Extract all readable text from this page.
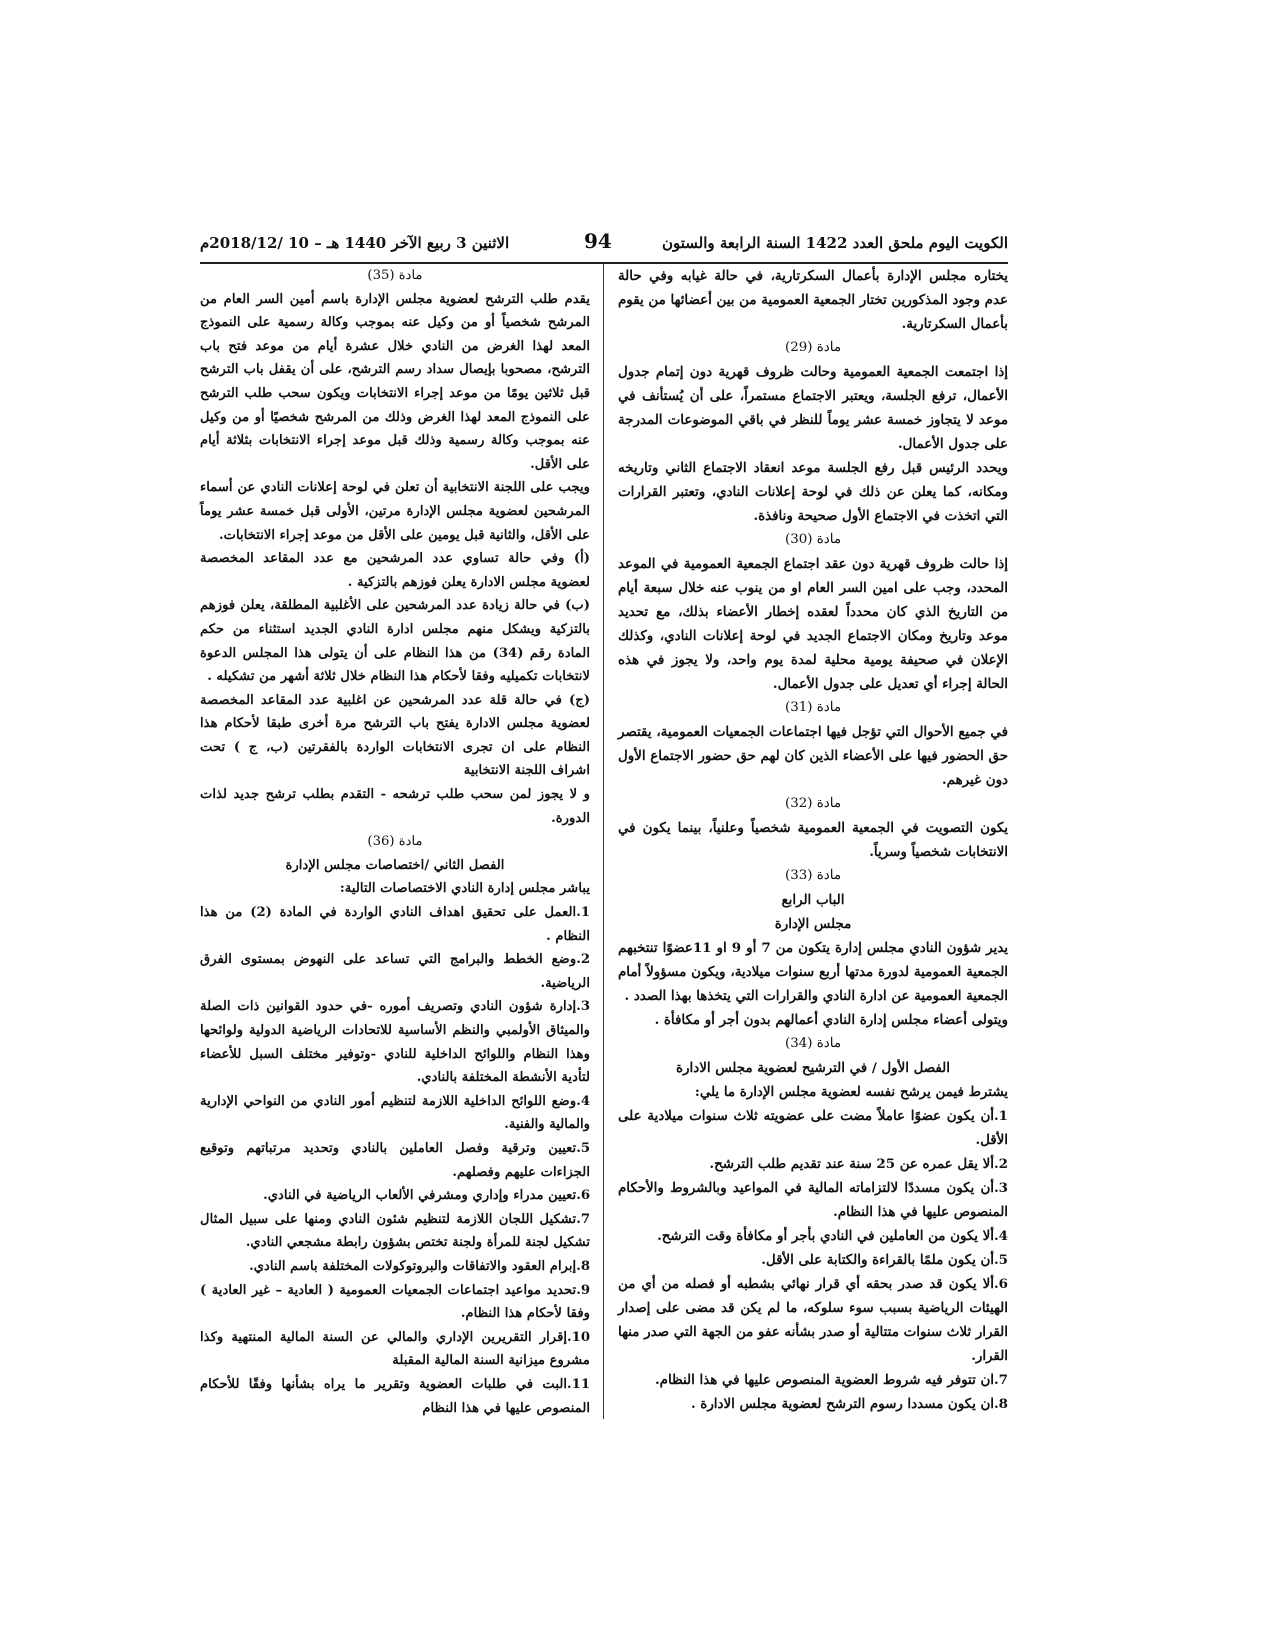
الكويت اليوم ملحق العدد 1422 السنة الرابعة والستون
94
الاثنين 3 ربيع الآخر 1440 هـ – 10 /2018/12م

يختاره مجلس الإدارة بأعمال السكرتارية، في حالة غيابه وفي حالة عدم وجود المذكورين تختار الجمعية العمومية من بين أعضائها من يقوم بأعمال السكرتارية.

مادة (29)

إذا اجتمعت الجمعية العمومية وحالت ظروف قهرية دون إتمام جدول الأعمال، ترفع الجلسة، ويعتبر الاجتماع مستمراً، على أن يُستأنف في موعد لا يتجاوز خمسة عشر يوماً للنظر في باقي الموضوعات المدرجة على جدول الأعمال.

ويحدد الرئيس قبل رفع الجلسة موعد انعقاد الاجتماع الثاني وتاريخه ومكانه، كما يعلن عن ذلك في لوحة إعلانات النادي، وتعتبر القرارات التي اتخذت في الاجتماع الأول صحيحة ونافذة.

مادة (30)

إذا حالت ظروف قهرية دون عقد اجتماع الجمعية العمومية في الموعد المحدد، وجب على امين السر العام او من ينوب عنه خلال سبعة أيام من التاريخ الذي كان محدداً لعقده إخطار الأعضاء بذلك، مع تحديد موعد وتاريخ ومكان الاجتماع الجديد في لوحة إعلانات النادي، وكذلك الإعلان في صحيفة يومية محلية لمدة يوم واحد، ولا يجوز في هذه الحالة إجراء أي تعديل على جدول الأعمال.

مادة (31)

في جميع الأحوال التي تؤجل فيها اجتماعات الجمعيات العمومية، يقتصر حق الحضور فيها على الأعضاء الذين كان لهم حق حضور الاجتماع الأول دون غيرهم.

مادة (32)

يكون التصويت في الجمعية العمومية شخصياً وعلنياً، بينما يكون في الانتخابات شخصياً وسرياً.

مادة (33)

الباب الرابع

مجلس الإدارة

يدير شؤون النادي مجلس إدارة يتكون من 7 أو 9 او 11عضوًا تنتخبهم الجمعية العمومية لدورة مدتها أربع سنوات ميلادية، ويكون مسؤولاً أمام الجمعية العمومية عن ادارة النادي والقرارات التي يتخذها بهذا الصدد .

ويتولى أعضاء مجلس إدارة النادي أعمالهم بدون أجر أو مكافأة .

مادة (34)

الفصل الأول / في الترشيح لعضوية مجلس الادارة

يشترط فيمن يرشح نفسه لعضوية مجلس الإدارة ما يلي:

1.أن يكون عضوًا عاملاً مضت على عضويته ثلاث سنوات ميلادية على الأقل.

2.ألا يقل عمره عن 25 سنة عند تقديم طلب الترشح.

3.أن يكون مسددًا لالتزاماته المالية في المواعيد وبالشروط والأحكام المنصوص عليها في هذا النظام.

4.ألا يكون من العاملين في النادي بأجر أو مكافأة وقت الترشح.

5.أن يكون ملمًا بالقراءة والكتابة على الأقل.

6.ألا يكون قد صدر بحقه أي قرار نهائي بشطبه أو فصله من أي من الهيئات الرياضية بسبب سوء سلوكه، ما لم يكن قد مضى على إصدار القرار ثلاث سنوات متتالية أو صدر بشأنه عفو من الجهة التي صدر منها القرار.

7.ان تتوفر فيه شروط العضوية المنصوص عليها في هذا النظام.

8.ان يكون مسددا رسوم الترشح لعضوية مجلس الادارة .

مادة (35)

يقدم طلب الترشح لعضوية مجلس الإدارة باسم أمين السر العام من المرشح شخصياً أو من وكيل عنه بموجب وكالة رسمية على النموذج المعد لهذا الغرض من النادي خلال عشرة أيام من موعد فتح باب الترشح، مصحوبا بإيصال سداد رسم الترشح، على أن يقفل باب الترشح قبل ثلاثين يومًا من موعد إجراء الانتخابات ويكون سحب طلب الترشح على النموذج المعد لهذا الغرض وذلك من المرشح شخصيًا أو من وكيل عنه بموجب وكالة رسمية وذلك قبل موعد إجراء الانتخابات بثلاثة أيام على الأقل.

ويجب على اللجنة الانتخابية أن تعلن في لوحة إعلانات النادي عن أسماء المرشحين لعضوية مجلس الإدارة مرتين، الأولى قبل خمسة عشر يوماً على الأقل، والثانية قبل يومين على الأقل من موعد إجراء الانتخابات.

(أ) وفي حالة تساوي عدد المرشحين مع عدد المقاعد المخصصة لعضوية مجلس الادارة يعلن فوزهم بالتزكية .

(ب) في حالة زيادة عدد المرشحين على الأغلبية المطلقة، يعلن فوزهم بالتزكية ويشكل منهم مجلس ادارة النادي الجديد استثناء من حكم المادة رقم (34) من هذا النظام على أن يتولى هذا المجلس الدعوة لانتخابات تكميليه وفقا لأحكام هذا النظام خلال ثلاثة أشهر من تشكيله .

(ج) في حالة قلة عدد المرشحين عن اغلبية عدد المقاعد المخصصة لعضوية مجلس الادارة يفتح باب الترشح مرة أخرى طبقا لأحكام هذا النظام على ان تجرى الانتخابات الواردة بالفقرتين (ب، ج ) تحت اشراف اللجنة الانتخابية

و لا يجوز لمن سحب طلب ترشحه - التقدم بطلب ترشح جديد لذات الدورة.

مادة (36)

الفصل الثاني /اختصاصات مجلس الإدارة

يباشر مجلس إدارة النادي الاختصاصات التالية:

1.العمل على تحقيق اهداف النادي الواردة في المادة (2) من هذا النظام .

2.وضع الخطط والبرامج التي تساعد على النهوض بمستوى الفرق الرياضية.

3.إدارة شؤون النادي وتصريف أموره -في حدود القوانين ذات الصلة والميثاق الأولمبي والنظم الأساسية للاتحادات الرياضية الدولية ولوائحها وهذا النظام واللوائح الداخلية للنادي -وتوفير مختلف السبل للأعضاء لتأدية الأنشطة المختلفة بالنادي.

4.وضع اللوائح الداخلية اللازمة لتنظيم أمور النادي من النواحي الإدارية والمالية والفنية.

5.تعيين وترقية وفصل العاملين بالنادي وتحديد مرتباتهم وتوقيع الجزاءات عليهم وفصلهم.

6.تعيين مدراء وإداري ومشرفي الألعاب الرياضية في النادي.

7.تشكيل اللجان اللازمة لتنظيم شئون النادي ومنها على سبيل المثال تشكيل لجنة للمرأة ولجنة تختص بشؤون رابطة مشجعي النادي.

8.إبرام العقود والاتفاقات والبروتوكولات المختلفة باسم النادي.

9.تحديد مواعيد اجتماعات الجمعيات العمومية ( العادية – غير العادية ) وفقا لأحكام هذا النظام.

10.إقرار التقريرين الإداري والمالي عن السنة المالية المنتهية وكذا مشروع ميزانية السنة المالية المقبلة

11.البت في طلبات العضوية وتقرير ما يراه بشأنها وفقًا للأحكام المنصوص عليها في هذا النظام
